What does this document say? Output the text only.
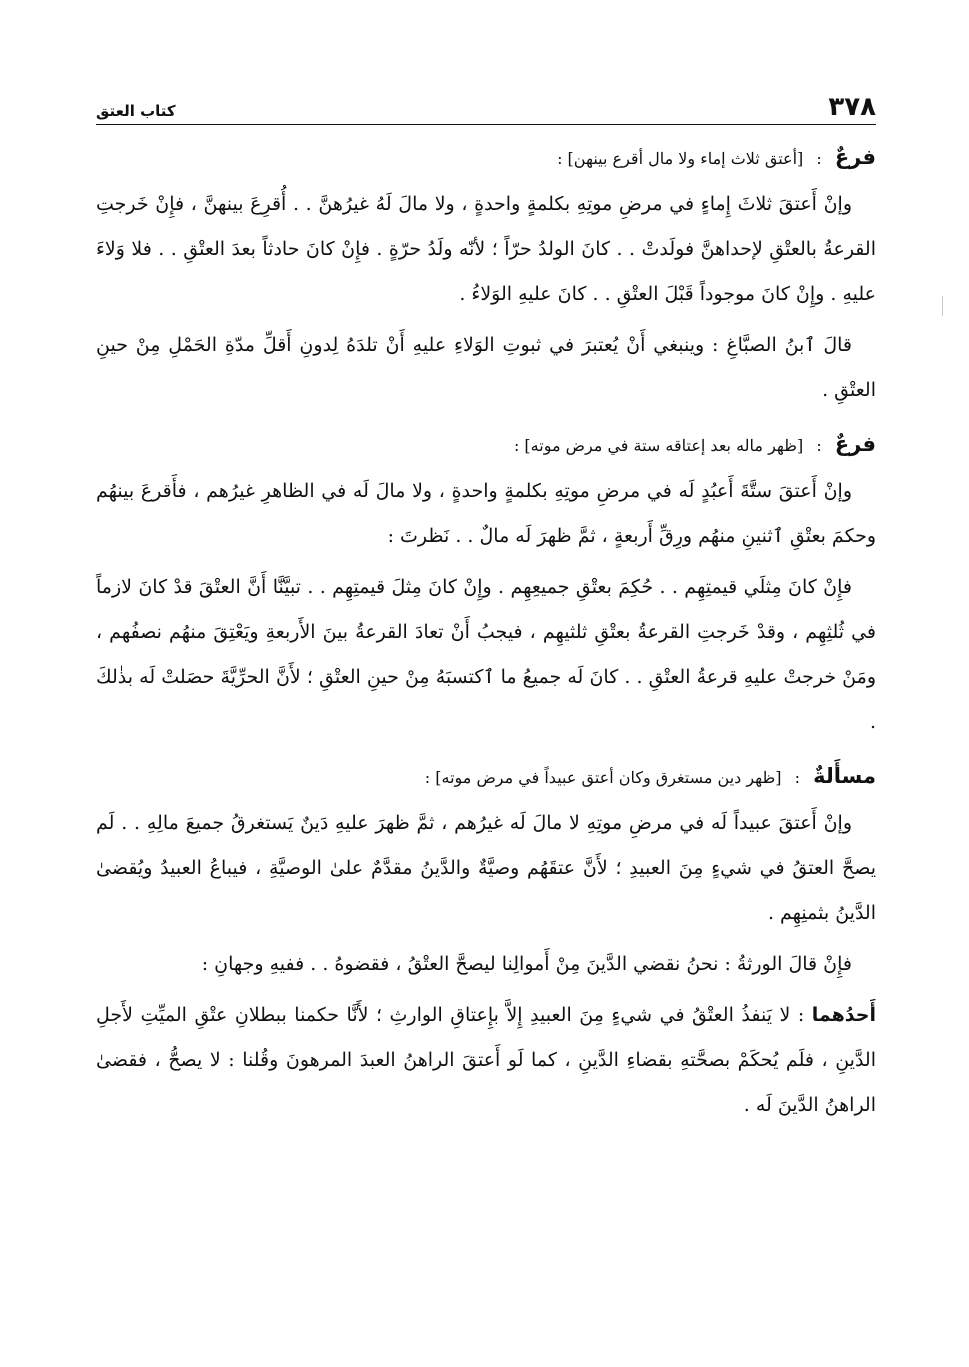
٣٧٨
كتاب العتق
فرعٌ : [أعتق ثلاث إماء ولا مال أقرع بينهن] :

وإنْ أَعتقَ ثلاثَ إِماءٍ في مرضِ موتِهِ بكلمةٍ واحدةٍ ، ولا مالَ لَهُ غيرُهنَّ . . أُقرِعَ بينهنَّ ، فإِنْ خَرجتِ القرعةُ بالعتْقِ لإحداهنَّ فولَدتْ . . كانَ الولدُ حرّاً ؛ لأنّه ولَدُ حرّةٍ . فإِنْ كانَ حادثاً بعدَ العتْقِ . . فلا وَلاءَ عليهِ . وإِنْ كانَ موجوداً قَبْلَ العتْقِ . . كانَ عليهِ الوَلاءُ .

قالَ ٱبنُ الصبَّاغِ : وينبغي أَنْ يُعتبرَ في ثبوتِ الوَلاءِ عليهِ أَنْ تلدَهُ لِدونِ أَقلِّ مدّةِ الحَمْلِ مِنْ حينِ العتْقِ .

فرعٌ : [ظهر ماله بعد إعتاقه ستة في مرض موته] :

وإنْ أَعتقَ ستَّةَ أَعبُدٍ لَه في مرضِ موتِهِ بكلمةٍ واحدةٍ ، ولا مالَ لَه في الظاهرِ غيرُهم ، فأَقرعَ بينهُم وحكمَ بعتْقِ ٱثنينِ منهُم ورِقِّ أَربعةٍ ، ثمَّ ظهرَ لَه مالٌ . . نَظرتَ :

فإِنْ كانَ مِثلَي قيمتِهِم . . حُكِمَ بعتْقِ جميعِهِم . وإِنْ كانَ مِثلَ قيمتِهِم . . تبيَّنَّا أَنَّ العتْقَ قدْ كانَ لازماً في ثُلثِهِم ، وقدْ خَرجتِ القرعةُ بعتْقِ ثلثيهِم ، فيجبُ أَنْ تعادَ القرعةُ بينَ الأَربعةِ ويَعْتِقَ منهُم نصفُهم ، ومَنْ خرجتْ عليهِ قرعةُ العتْقِ . . كانَ لَه جميعُ ما ٱكتسبَهُ مِنْ حينِ العتْقِ ؛ لأَنَّ الحرِّيَّةَ حصَلتْ لَه بذٰلكَ .

مسأَلةٌ : [ظهر دين مستغرق وكان أعتق عبيداً في مرض موته] :

وإنْ أَعتقَ عبيداً لَه في مرضِ موتِهِ لا مالَ لَه غيرُهم ، ثمَّ ظهرَ عليهِ دَينٌ يَستغرقُ جميعَ مالِهِ . . لَم يصحَّ العتقُ في شيءٍ مِنَ العبيدِ ؛ لأَنَّ عتقَهُم وصيَّةٌ والدَّينُ مقدَّمٌ علىٰ الوصيَّةِ ، فيباعُ العبيدُ ويُقضىٰ الدَّينُ بثمنِهِم .

فإِنْ قالَ الورثةُ : نحنُ نقضي الدَّينَ مِنْ أَموالِنا ليصحَّ العتْقُ ، فقضوهُ . . ففيهِ وجهانِ :

أَحدُهما : لا يَنفذُ العتْقُ في شيءٍ مِنَ العبيدِ إِلاَّ بإِعتاقِ الوارثِ ؛ لأَنَّا حكمنا ببطلانِ عتْقِ الميِّتِ لأَجلِ الدَّينِ ، فلَم يُحكَمْ بصحَّتهِ بقضاءِ الدَّينِ ، كما لَو أَعتقَ الراهنُ العبدَ المرهونَ وقُلنا : لا يصحُّ ، فقضىٰ الراهنُ الدَّينَ لَه .
